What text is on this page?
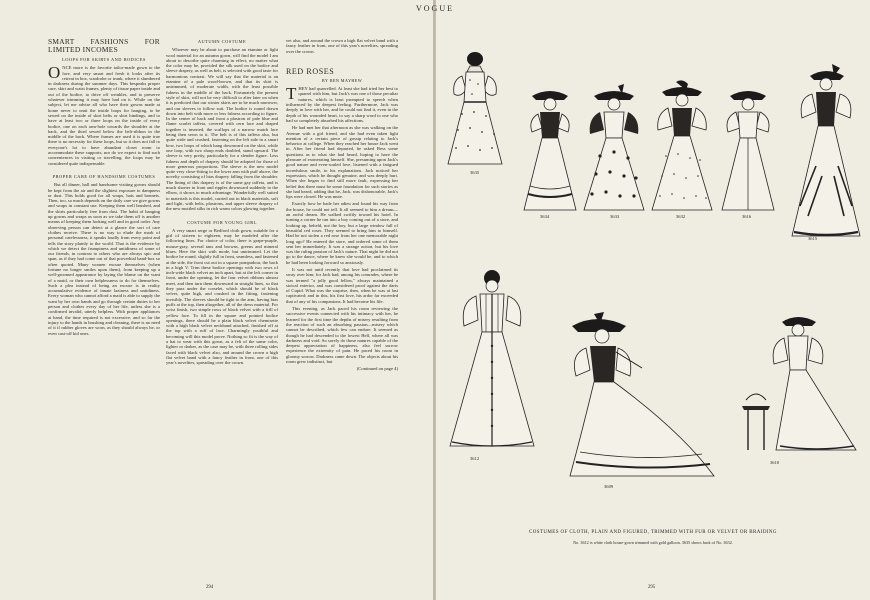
SMART FASHIONS FOR LIMITED INCOMES
LOOPS FOR SKIRTS AND BODICES

ONCE more is the favorite tailor-made gown to the fore, and very smart and fresh it looks after its retreat in box, wardrobe or trunk, where it slumbered in darkness during the summer days. This bespeaks proper care, skirt and waist frames, plenty of tissue paper inside and out of the bodice, to drive off wrinkles, and to preserve whatever trimming it may have had on it. While on the subject, let me advise all who have their gowns made at home never to omit the inside loops for hanging, to be sewed on the inside of skirt belts or skirt bindings, and to have at least two or three loops on the inside of every bodice, one on each arm-hole towards the shoulder at the back, and the third sewed below the belt-ribbon in the middle of the back. Where frames are used it is quite true there is no necessity for these loops, but so it does not fall to everyone's lot to have abundant closet room to accommodate these supports, nor do we expect to find such conveniences in visiting or travelling, the loops may be considered quite indispensable.

PROPER CARE OF HANDSOME COSTUMES

But all dinner, ball and handsome visiting gowns should be kept from the air and the slightest exposure to dampness or dust. This holds good for all wraps, hats and bonnets. Then, too, so much depends on the daily care we give gowns and wraps in constant use. Keeping them well brushed, and the skirts particularly free from dust. The habit of hanging up gowns and wraps as soon as we take them off is another means of keeping them looking well and in good order. Any observing person can detect at a glance the sort of care clothes receive. There is no way to elude the mark of personal carelessness, it speaks loudly from every point and tells the story plainly to the world. That is the evidence by which we detect the frumpiness and untidiness of some of our friends, in contrast to others who are always spic and span, as if they had come out of that proverbial band-box so often quoted. Many women excuse themselves (when fortune no longer smiles upon them), from keeping up a well-groomed appearance by laying the blame on the want of a maid, or their own helplessness to do for themselves. Such a plea instead of being an excuse is in reality accumulative evidence of innate laziness and untidiness. Every woman who cannot afford a maid is able to supply the want by her own hands and go through certain duties to her person and clothes every day of her life, unless she is a confirmed invalid, utterly helpless. With proper appliances at hand, the time required is not excessive, and so far the injury to the hands in brushing and cleaning, there is no need of it if rubber gloves are worn, as they should always be, or even cast-off kid ones.

AUTUMN COSTUME

Whoever may be about to purchase an etamine or light wool material for an autumn gown, will find the model I am about to describe quite charming in effect, no matter what the color may be, provided the silk used on the bodice and sleeve drapery, as well as belt, is selected with good taste for harmonious contrast. We will say that the material is an etamine of a pale wood-brown, and that its skirt is untrimmed, of moderate width, with the least possible fulness in the middle of the back. Fortunately the present style of skirt, will not be very difficult to alter later on when it is predicted that our winter skirts are to be much narrower, and our sleeves to follow suit. The bodice is round drawn down into belt with more or less fulness according to figure. In the center of back and front a plastron of pale blue and flame scarlet taffeta, covered with cern lace and draped together is inserted, the scallops of a narrow match lace being then sewn to it. The belt is of this taffeta also, but quite wide and crushed, fastening on the left side in a smart bow, two loops of which hang downward on the skirt, while one loop, with two sharp ends doubled, stand upward. The sleeve is very pretty, particularly for a slender figure. Less fulness and depth of drapery should be adopted for those of more generous proportions. The sleeve is the new model quite very close-fitting to the lower arm with puff above, the novelty consisting of bias drapery falling from the shoulder. The lining of this drapery is of the same gay taffeta, and is much shorter in front and ripples downward suddenly to the elbow, it shows to much advantage. Wonderfully well suited to materials is this model, carried out in black materials, soft and light, with belts, plastrons, and upper sleeve drapery of the new mottled silks in rich warm colors glowing together.

COSTUME FOR YOUNG GIRL

A very smart serge or Bedford cloth gown, suitable for a girl of sixteen to eighteen, may be modeled after the following lines. For choice of color, there is grape-purple, mouse-gray, several tans and browns, greens and mineral blues. Here the skirt with mode, but untrimmed. Let the bodice be round, slightly full in front, seamless, and fastened at the side, the front cut out in a square pompadour, the back in a high V. Trim these bodice openings with two rows of inch-wide black velvet an inch apart, but at the left corner in front, under the opening, let the four velvet ribbons almost meet, and then turn them downward in straight lines, so that they pass under the corselet, which should be of black velvet, quite high, and crushed in the fitting, fastening invisibly. The sleeves should be tight to the arm, having bias puffs at the top, then altogether, all of the dress material. For wrist finish, two simple rows of black velvet with a frill of yellow lace. To fill in the square and pointed bodice openings, there should be a plain black velvet chemisette with a high black velvet neckband attached, finished off at the top with a ruff of lace. Charmingly youthful and becoming will this model prove. Nothing so fit is the way of a hat to wear with this gown, as a felt of the same color, lighter or darker, as the case may be, with three rolling sides faced with black velvet also, and around the crown a high flat velvet band with a fancy feather in front, one of this year's novelties, spreading over the crown.

vet also, and around the crown a high flat velvet band with a fancy feather in front, one of this year's novelties, spreading over the crown.

RED ROSES
BY BEN MAYHEW

THEY had quarrelled. At least she had tried her best to quarrel with him, but Jack's was one of those peculiar natures, which is least prompted to speech when influenced by the deepest feeling. Furthermore, Jack was deeply in love with her, and he could not find it, even in the depth of his wounded heart, to say a sharp word to one who had so completely absorbed his affections.

He had met her that afternoon as she was walking on the Avenue with a girl friend, and she had even taken light mention of a certain piece of gossip relating to Jack's behavior at college. When they reached her house Jack went in. After her friend had departed, he asked Bess some questions as to what she had heard, hoping to have the pleasure of exonerating himself. She, presuming upon Jack's good nature and even-souled love, listened with a fatigued incredulous smile, to his explanations. Jack noticed her expression, which he thought genuine, and was deeply hurt. When she began to find still more fault, expressing her belief that there must be some foundation for such stories as she had heard, adding that he, Jack, was dishonorable, Jack's lips were closed. He was mute.

Exactly how he bade her adieu and found his way from the house, he could not tell. It all seemed to him a dream—an awful dream. He walked swiftly toward his hotel. In turning a corner he ran into a boy coming out of a store, and looking up, beheld, not the boy, but a large window full of beautiful red roses. They seemed to bring him to himself. Had he not stolen a red rose from her one memorable night long ago? He entered the store, and ordered some of them sent her immediately. It was a strange action, but his love was the ruling passion of Jack's nature. That night he did not go to the dance, where he knew she would be, and to which he had been looking forward so anxiously.

It was not until recently that love had proclaimed its sway over him; for Jack had, among his comrades, where he was termed "a jolly good fellow," always maintained a stoical exterior, and was considered proof against the darts of Cupid. What was the surprise, then, when he was at last captivated; and in this, his first love, his ardor far exceeded that of any of his companions. It had become his life.

This evening, as Jack paced his room reviewing the successive events connected with his intimacy with her, he learned for the first time the depths of misery resulting from the reaction of such an absorbing passion—misery which cannot be described, which few can endure. It seemed as though he had descended to the lowest Hell, where all was darkness and void. So sorely do those natures capable of the deepest appreciation of happiness, also feel sorrow experience the extremity of pain. He paced his room in gloomy sorrow. Darkness came down. The objects about his room grew indistinct, but

(Continued on page 4)
294
VOGUE
3635
3634	3633	3632	3616
3615
3612
3609
3610
COSTUMES OF CLOTH, PLAIN AND FIGURED, TRIMMED WITH FUR OR VELVET OR BRAIDING
No. 3612 is white cloth house-gown trimmed with gold galloon. 3635 shows back of No. 3632.
295
